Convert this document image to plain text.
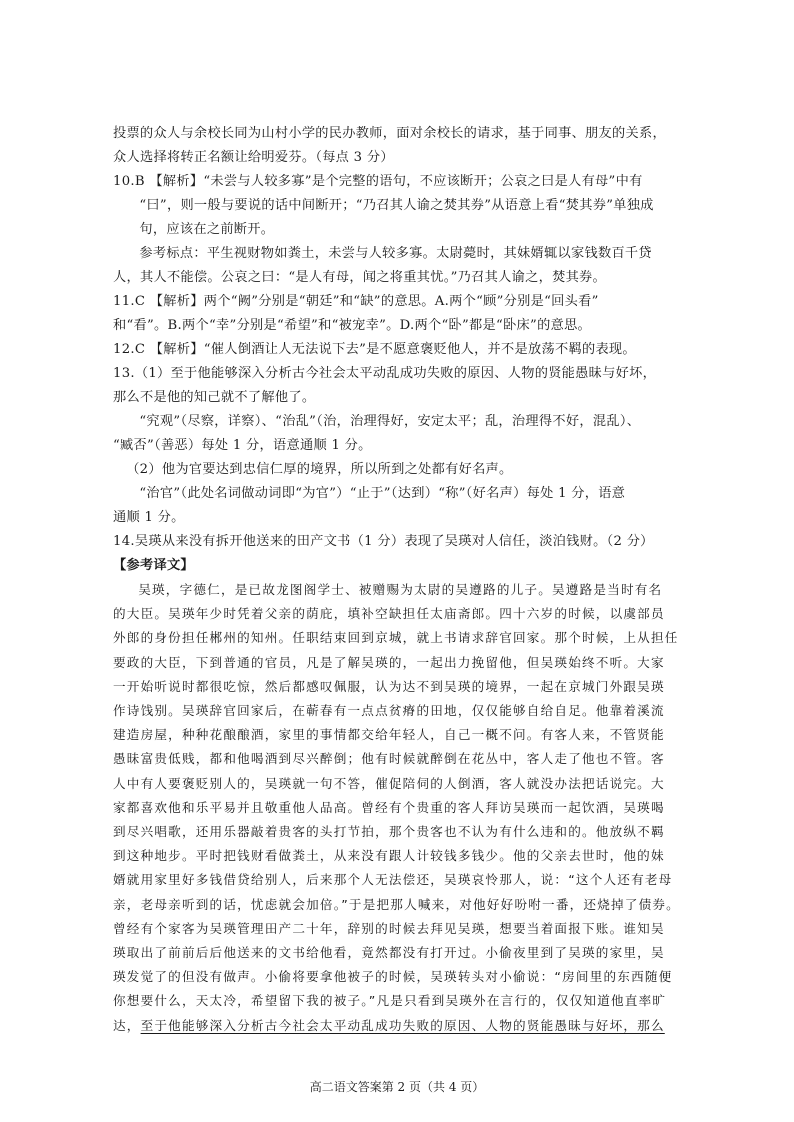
投票的众人与余校长同为山村小学的民办教师，面对余校长的请求，基于同事、朋友的关系，

众人选择将转正名额让给明爱芬。（每点 3 分）

10.B 【解析】“未尝与人较多寡”是个完整的语句，不应该断开；公哀之曰是人有母”中有

“曰”，则一般与要说的话中间断开；“乃召其人谕之焚其券”从语意上看“焚其券”单独成

句，应该在之前断开。

参考标点：平生视财物如粪土，未尝与人较多寡。太尉薨时，其妹婿辄以家钱数百千贷

人，其人不能偿。公哀之曰：“是人有母，闻之将重其忧。”乃召其人谕之，焚其券。

11.C 【解析】两个“阙”分别是“朝廷”和“缺”的意思。A.两个“顾”分别是“回头看”

和“看”。B.两个“幸”分别是“希望”和“被宠幸”。D.两个“卧”都是“卧床”的意思。

12.C 【解析】“催人倒酒让人无法说下去”是不愿意褒贬他人，并不是放荡不羁的表现。

13.（1）至于他能够深入分析古今社会太平动乱成功失败的原因、人物的贤能愚昧与好坏，

那么不是他的知己就不了解他了。

“究观”（尽察，详察）、“治乱”（治，治理得好，安定太平；乱，治理得不好，混乱）、

“臧否”（善恶）每处 1 分，语意通顺 1 分。

（2）他为官要达到忠信仁厚的境界，所以所到之处都有好名声。

“治官”（此处名词做动词即“为官”）“止于”（达到）“称”（好名声）每处 1 分，语意

通顺 1 分。

14.吴瑛从来没有拆开他送来的田产文书（1 分）表现了吴瑛对人信任，淡泊钱财。（2 分）

【参考译文】

吴瑛，字德仁，是已故龙图阁学士、被赠赐为太尉的吴遵路的儿子。吴遵路是当时有名

的大臣。吴瑛年少时凭着父亲的荫庇，填补空缺担任太庙斋郎。四十六岁的时候，以虞部员

外郎的身份担任郴州的知州。任职结束回到京城，就上书请求辞官回家。那个时候，上从担任

要政的大臣，下到普通的官员，凡是了解吴瑛的，一起出力挽留他，但吴瑛始终不听。大家

一开始听说时都很吃惊，然后都感叹佩服，认为达不到吴瑛的境界，一起在京城门外跟吴瑛

作诗饯别。吴瑛辞官回家后，在蕲春有一点点贫瘠的田地，仅仅能够自给自足。他靠着溪流

建造房屋，种种花酿酿酒，家里的事情都交给年轻人，自己一概不问。有客人来，不管贤能

愚昧富贵低贱，都和他喝酒到尽兴醉倒；他有时候就醉倒在花丛中，客人走了他也不管。客

人中有人要褒贬别人的，吴瑛就一句不答，催促陪伺的人倒酒，客人就没办法把话说完。大

家都喜欢他和乐平易并且敬重他人品高。曾经有个贵重的客人拜访吴瑛而一起饮酒，吴瑛喝

到尽兴唱歌，还用乐器敲着贵客的头打节拍，那个贵客也不认为有什么违和的。他放纵不羁

到这种地步。平时把钱财看做粪土，从来没有跟人计较钱多钱少。他的父亲去世时，他的妹

婿就用家里好多钱借贷给别人，后来那个人无法偿还，吴瑛哀怜那人，说：“这个人还有老母

亲，老母亲听到的话，忧虑就会加倍。”于是把那人喊来，对他好好吩咐一番，还烧掉了债券。

曾经有个家客为吴瑛管理田产二十年，辞别的时候去拜见吴瑛，想要当着面报下账。谁知吴

瑛取出了前前后后他送来的文书给他看，竟然都没有打开过。小偷夜里到了吴瑛的家里，吴

瑛发觉了的但没有做声。小偷将要拿他被子的时候，吴瑛转头对小偷说：“房间里的东西随便

你想要什么，天太冷，希望留下我的被子。”凡是只看到吴瑛外在言行的，仅仅知道他直率旷

达，至于他能够深入分析古今社会太平动乱成功失败的原因、人物的贤能愚昧与好坏，那么

高二语文答案第 2 页（共 4 页）
